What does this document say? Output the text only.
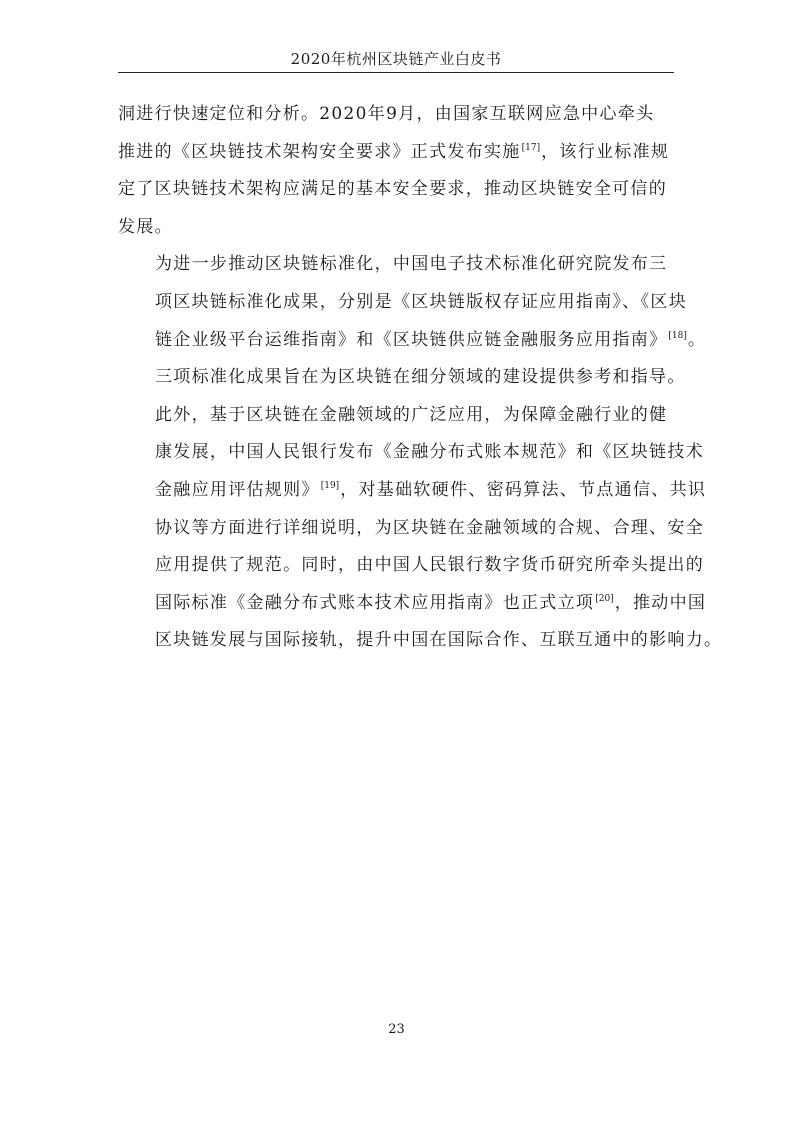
2020年杭州区块链产业白皮书

洞进行快速定位和分析。2020年9月，由国家互联网应急中心牵头
推进的《区块链技术架构安全要求》正式发布实施[17]，该行业标准规
定了区块链技术架构应满足的基本安全要求，推动区块链安全可信的
发展。

为进一步推动区块链标准化，中国电子技术标准化研究院发布三
项区块链标准化成果，分别是《区块链版权存证应用指南》、《区块
链企业级平台运维指南》和《区块链供应链金融服务应用指南》[18]。
三项标准化成果旨在为区块链在细分领域的建设提供参考和指导。

此外，基于区块链在金融领域的广泛应用，为保障金融行业的健
康发展，中国人民银行发布《金融分布式账本规范》和《区块链技术
金融应用评估规则》[19]，对基础软硬件、密码算法、节点通信、共识
协议等方面进行详细说明，为区块链在金融领域的合规、合理、安全
应用提供了规范。同时，由中国人民银行数字货币研究所牵头提出的
国际标准《金融分布式账本技术应用指南》也正式立项[20]，推动中国
区块链发展与国际接轨，提升中国在国际合作、互联互通中的影响力。

23
